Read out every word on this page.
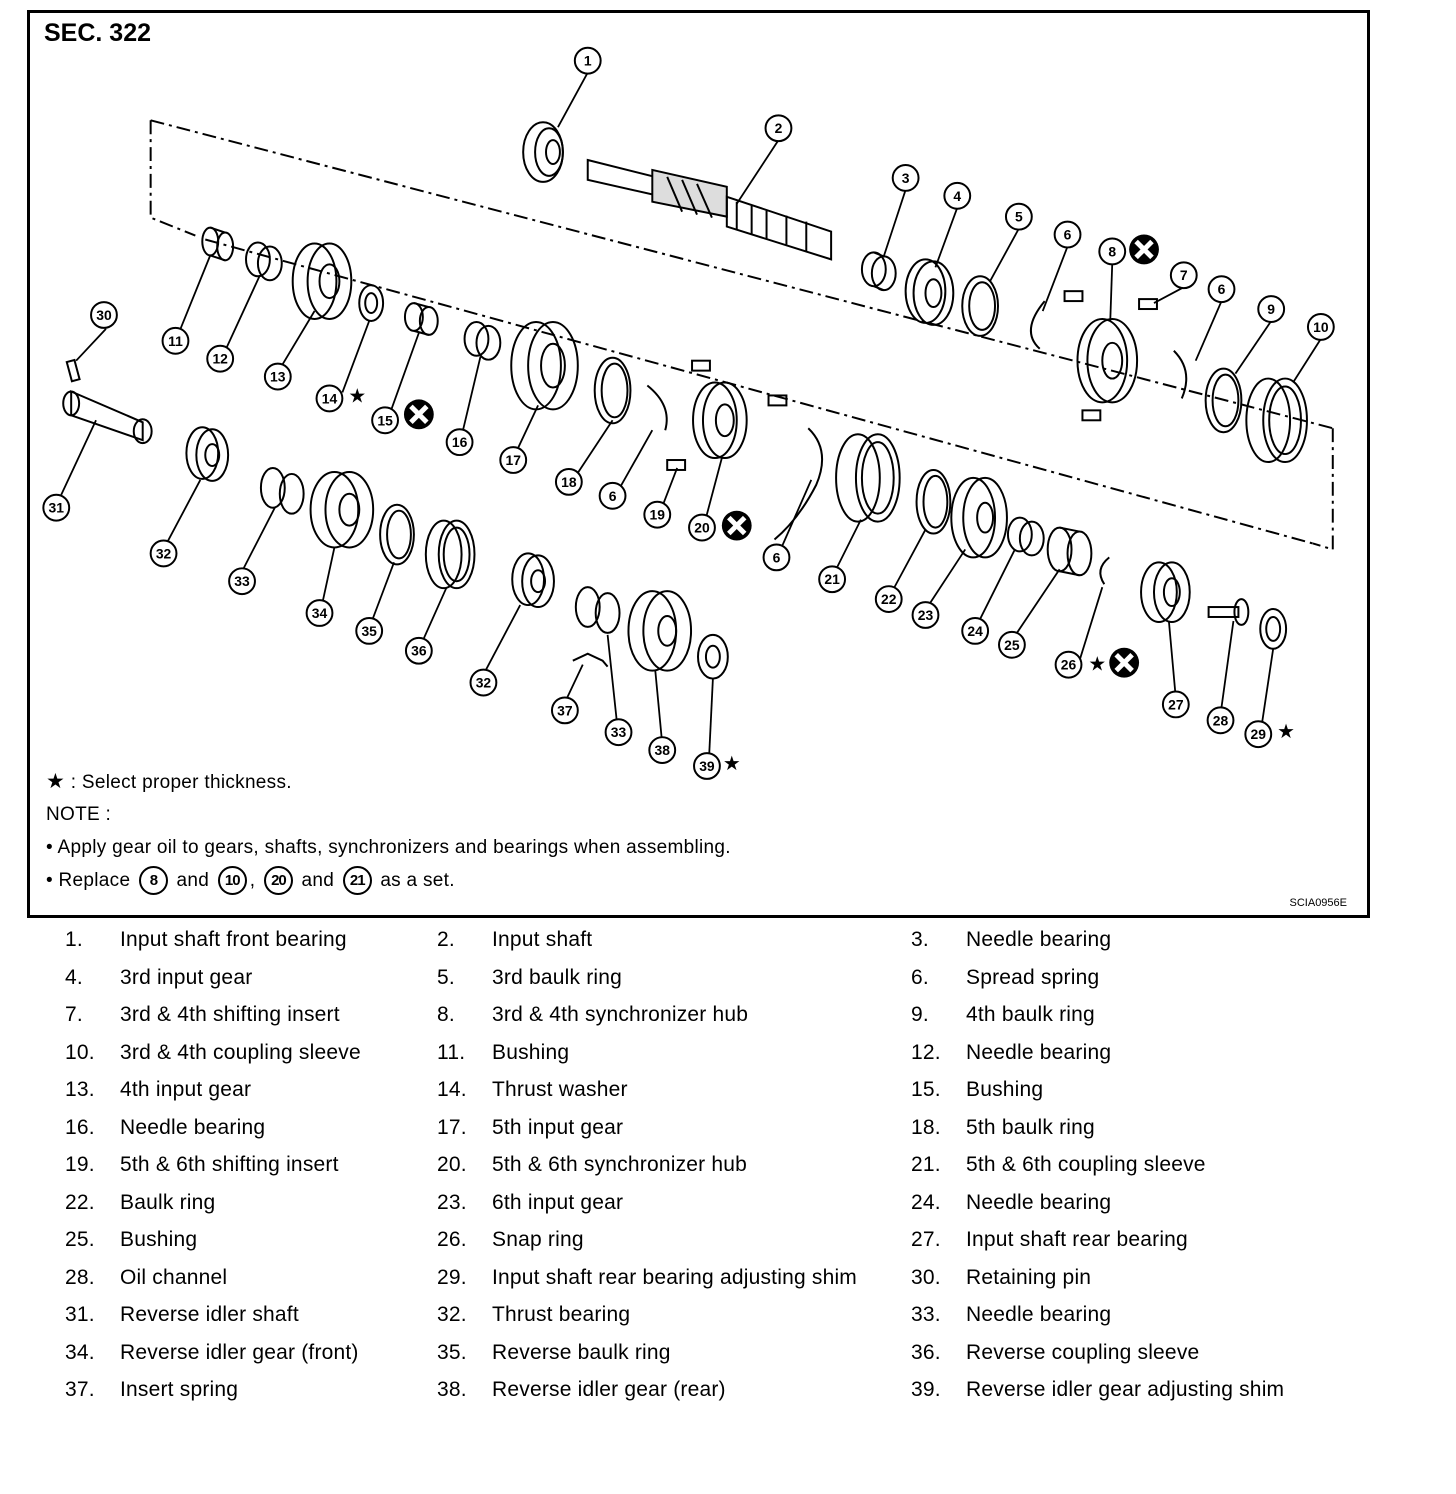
★
★
★
★
1
2
3
4
5
6
6
6
6
7
8
9
10
11
12
13
14
15
16
17
18
19
20
21
22
23
24
25
26
27
28
29
30
31
32
32
33
33
34
35
36
37
38
39
SEC. 322
★ : Select proper thickness.
NOTE :
• Apply gear oil to gears, shafts, synchronizers and bearings when assembling.
• Replace 8 and 10 , 20 and 21 as a set.
SCIA0956E
1.	Input shaft front bearing	2.	Input shaft	3.	Needle bearing
4.	3rd input gear	5.	3rd baulk ring	6.	Spread spring
7.	3rd & 4th shifting insert	8.	3rd & 4th synchronizer hub	9.	4th baulk ring
10.	3rd & 4th coupling sleeve	11.	Bushing	12.	Needle bearing
13.	4th input gear	14.	Thrust washer	15.	Bushing
16.	Needle bearing	17.	5th input gear	18.	5th baulk ring
19.	5th & 6th shifting insert	20.	5th & 6th synchronizer hub	21.	5th & 6th coupling sleeve
22.	Baulk ring	23.	6th input gear	24.	Needle bearing
25.	Bushing	26.	Snap ring	27.	Input shaft rear bearing
28.	Oil channel	29.	Input shaft rear bearing adjusting shim	30.	Retaining pin
31.	Reverse idler shaft	32.	Thrust bearing	33.	Needle bearing
34.	Reverse idler gear (front)	35.	Reverse baulk ring	36.	Reverse coupling sleeve
37.	Insert spring	38.	Reverse idler gear (rear)	39.	Reverse idler gear adjusting shim
